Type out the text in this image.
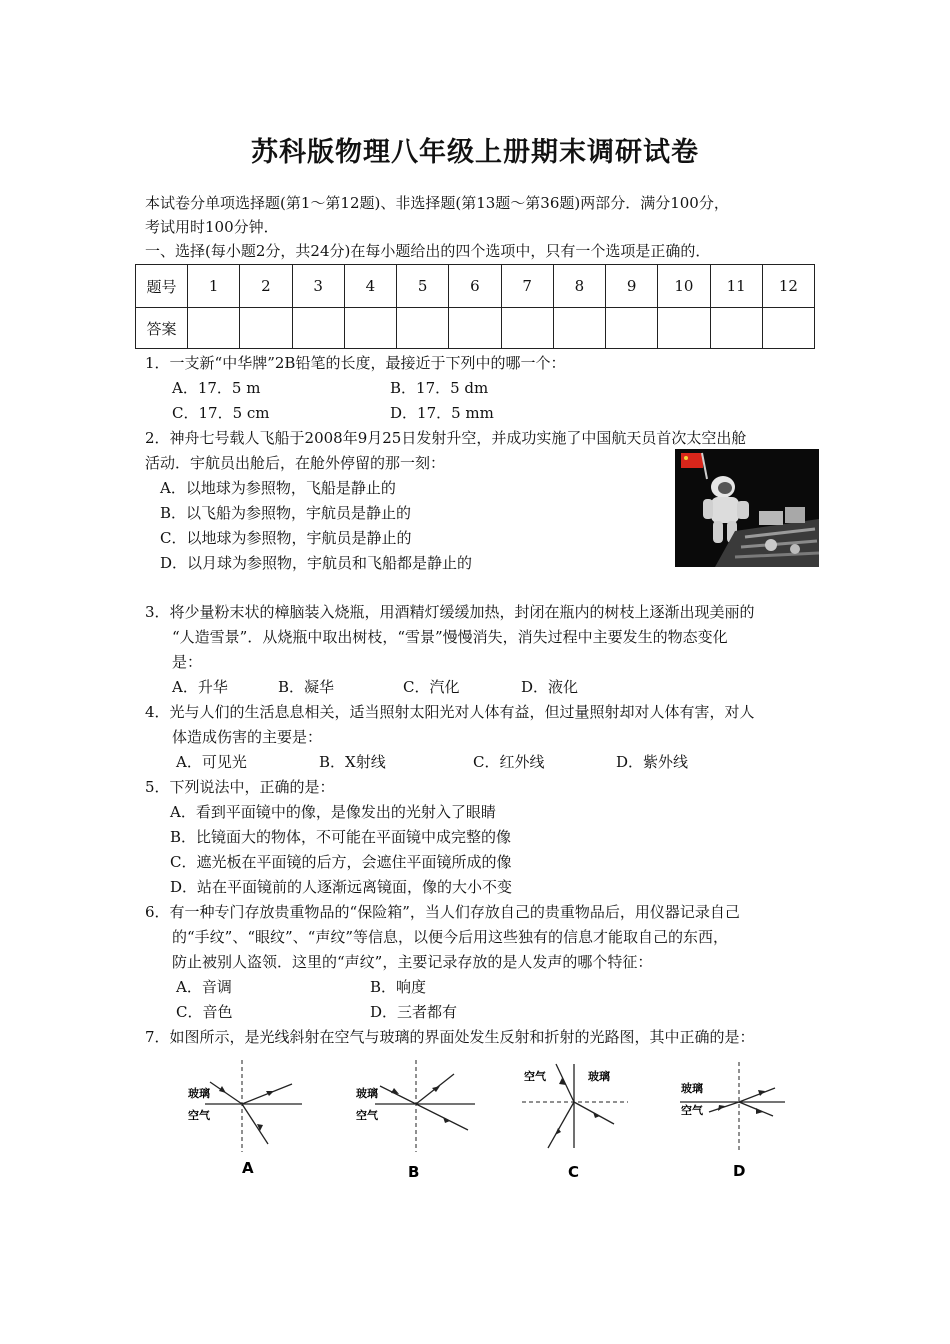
苏科版物理八年级上册期末调研试卷
本试卷分单项选择题(第1～第12题)、非选择题(第13题～第36题)两部分．满分100分，
考试用时100分钟．
一、选择(每小题2分，共24分)在每小题给出的四个选项中，只有一个选项是正确的．
题号	1	2	3	4	5	6	7	8	9	10	11	12
答案												
1．一支新“中华牌”2B铅笔的长度，最接近于下列中的哪一个：
A．17．5 m	B．17．5 dm
C．17．5 cm	D．17．5 mm
2．神舟七号载人飞船于2008年9月25日发射升空，并成功实施了中国航天员首次太空出舱
活动．宇航员出舱后，在舱外停留的那一刻：
A．以地球为参照物，飞船是静止的
B．以飞船为参照物，宇航员是静止的
C．以地球为参照物，宇航员是静止的
D．以月球为参照物，宇航员和飞船都是静止的
3．将少量粉末状的樟脑装入烧瓶，用酒精灯缓缓加热，封闭在瓶内的树枝上逐渐出现美丽的
“人造雪景”．从烧瓶中取出树枝，“雪景”慢慢消失，消失过程中主要发生的物态变化
是：
A．升华	B．凝华	C．汽化	D．液化
4．光与人们的生活息息相关，适当照射太阳光对人体有益，但过量照射却对人体有害，对人
体造成伤害的主要是：
A．可见光	B．X射线	C．红外线	D．紫外线
5．下列说法中，正确的是：
A．看到平面镜中的像，是像发出的光射入了眼睛
B．比镜面大的物体，不可能在平面镜中成完整的像
C．遮光板在平面镜的后方，会遮住平面镜所成的像
D．站在平面镜前的人逐渐远离镜面，像的大小不变
6．有一种专门存放贵重物品的“保险箱”，当人们存放自己的贵重物品后，用仪器记录自己
的“手纹”、“眼纹”、“声纹”等信息，以便今后用这些独有的信息才能取自己的东西，
防止被别人盗领．这里的“声纹”，主要记录存放的是人发声的哪个特征：
A．音调	B．响度
C．音色	D．三者都有
7．如图所示，是光线斜射在空气与玻璃的界面处发生反射和折射的光路图，其中正确的是：
玻璃
空气
A
玻璃
空气
B
空气	玻璃
C
玻璃
空气
D
